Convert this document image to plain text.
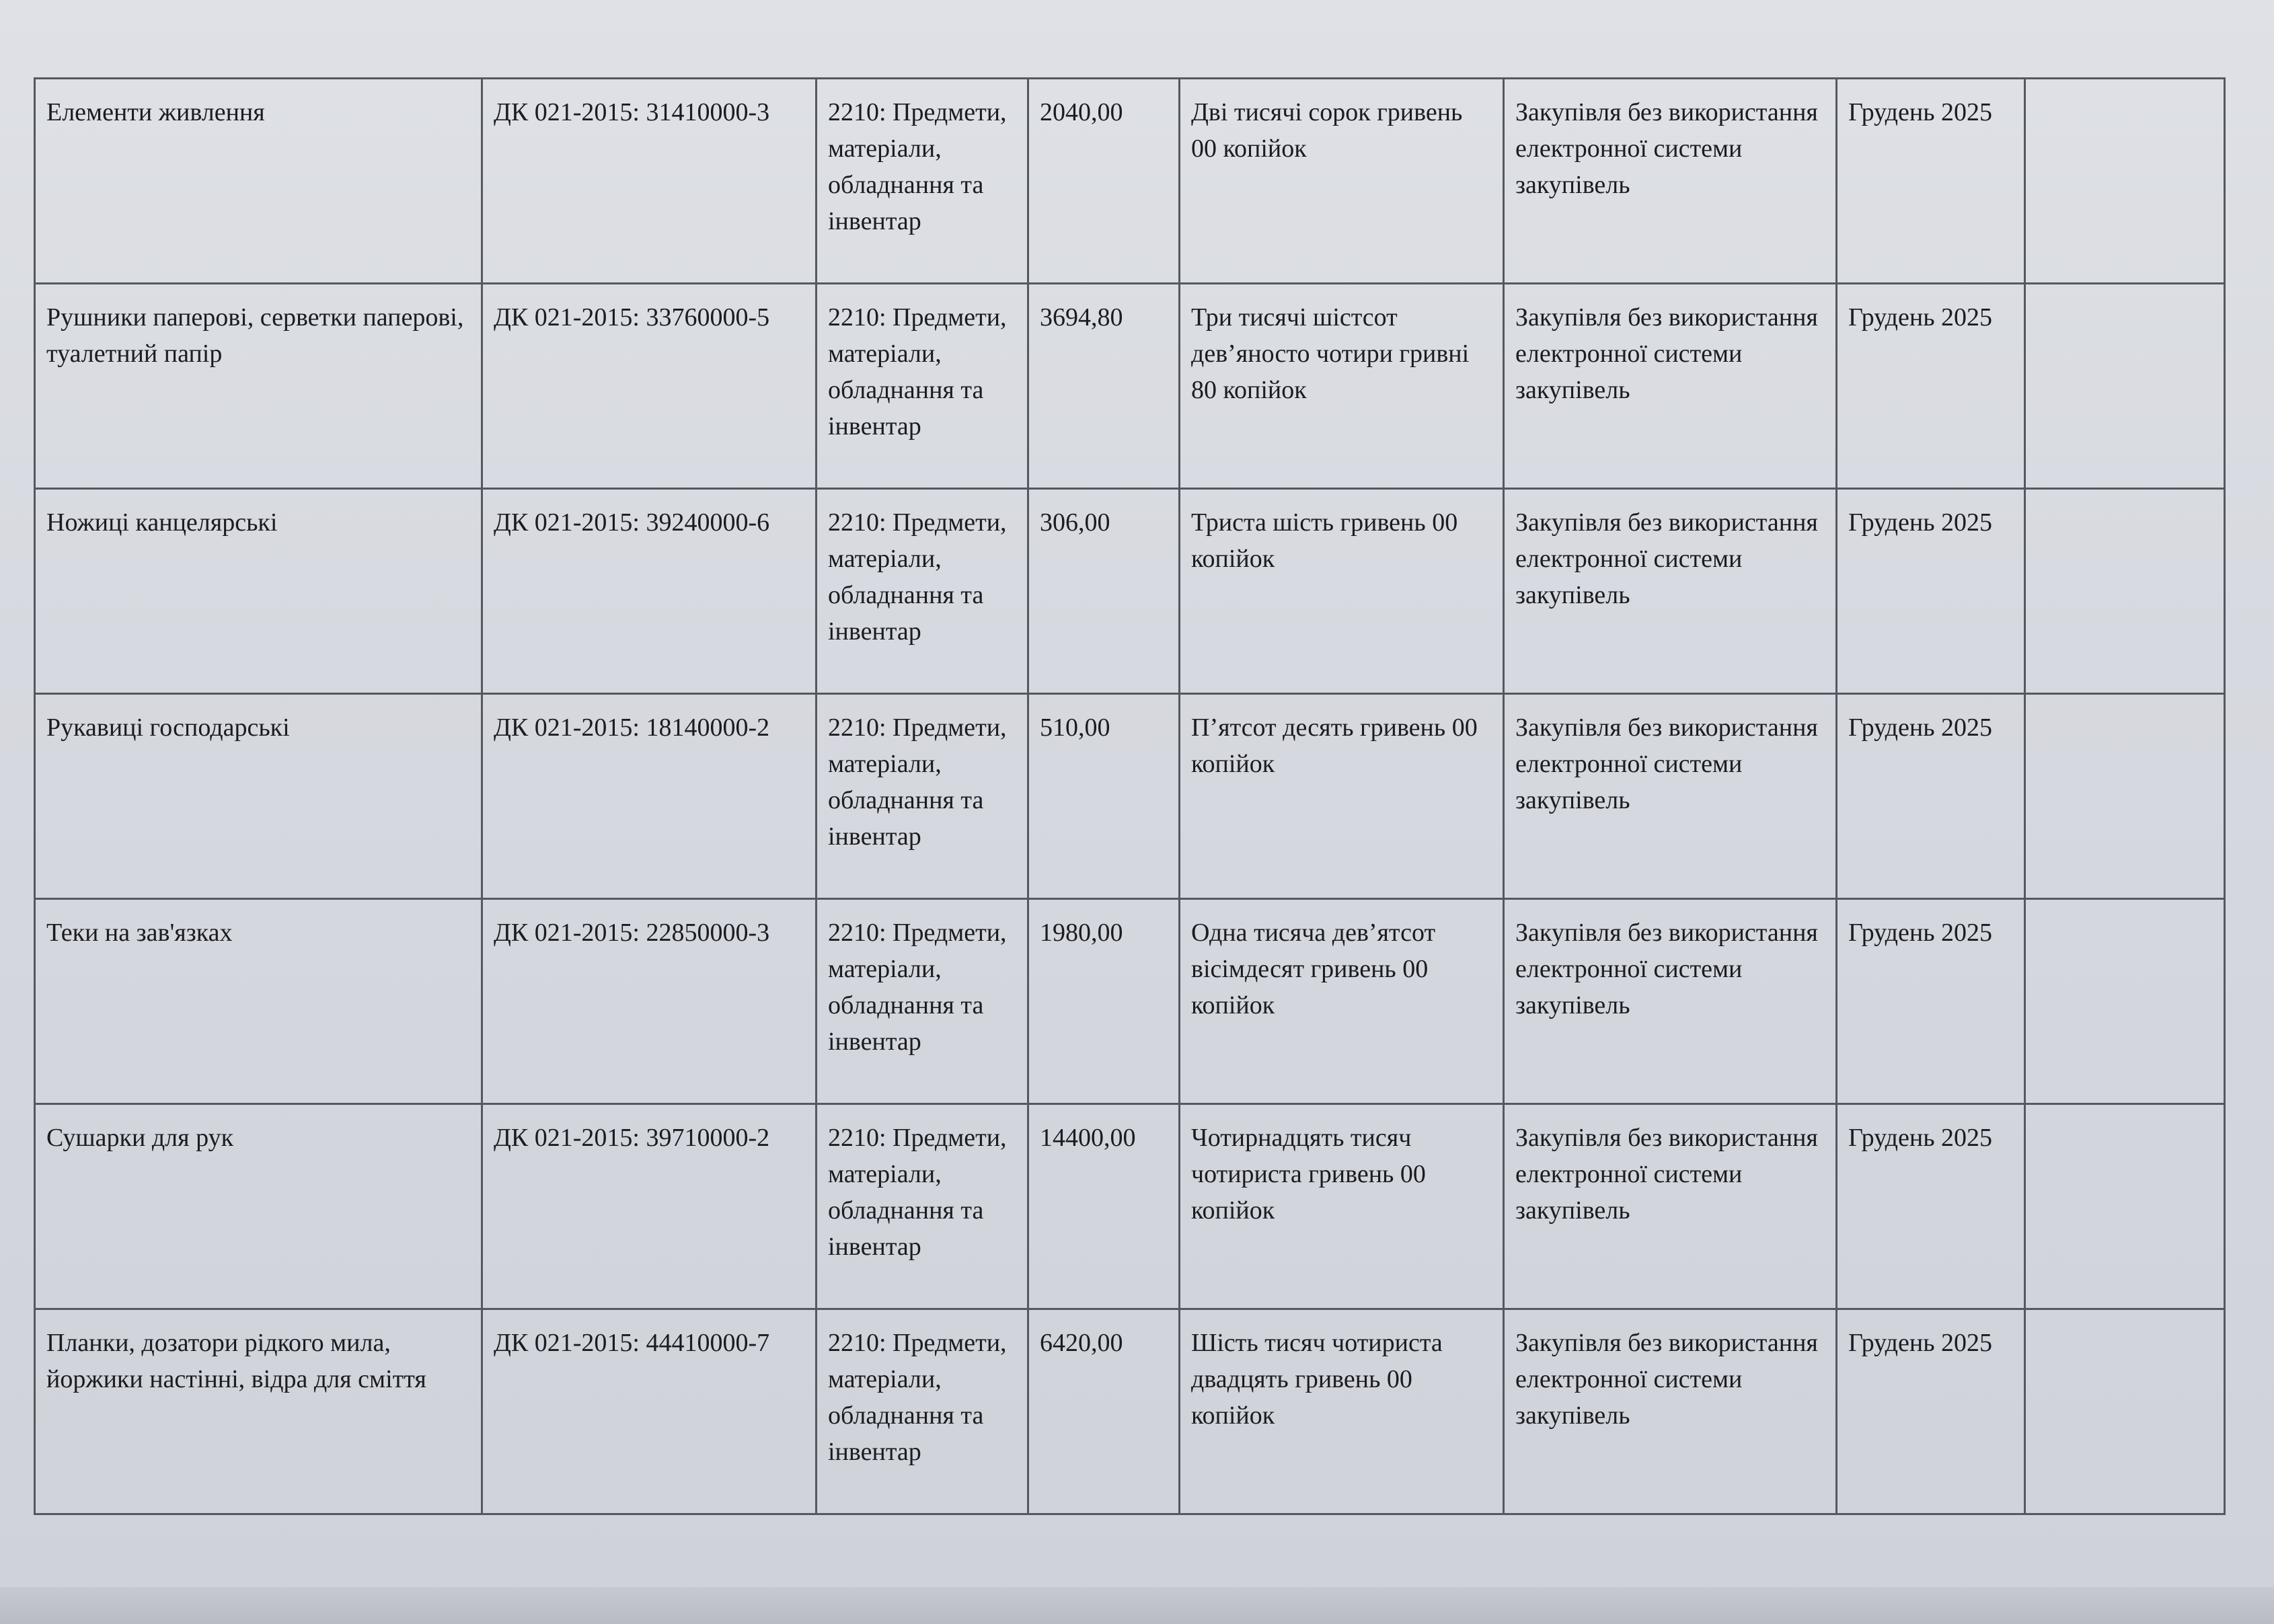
Елементи живлення	ДК 021-2015: 31410000-3	2210: Предмети, матеріали, обладнання та інвентар	2040,00	Дві тисячі сорок гривень 00 копійок	Закупівля без використання електронної системи закупівель	Грудень 2025	
Рушники паперові, серветки паперові, туалетний папір	ДК 021-2015: 33760000-5	2210: Предмети, матеріали, обладнання та інвентар	3694,80	Три тисячі шістсот дев’яносто чотири гривні 80 копійок	Закупівля без використання електронної системи закупівель	Грудень 2025	
Ножиці канцелярські	ДК 021-2015: 39240000-6	2210: Предмети, матеріали, обладнання та інвентар	306,00	Триста шість гривень 00 копійок	Закупівля без використання електронної системи закупівель	Грудень 2025	
Рукавиці господарські	ДК 021-2015: 18140000-2	2210: Предмети, матеріали, обладнання та інвентар	510,00	П’ятсот десять гривень 00 копійок	Закупівля без використання електронної системи закупівель	Грудень 2025	
Теки на зав'язках	ДК 021-2015: 22850000-3	2210: Предмети, матеріали, обладнання та інвентар	1980,00	Одна тисяча дев’ятсот вісімдесят гривень 00 копійок	Закупівля без використання електронної системи закупівель	Грудень 2025	
Сушарки для рук	ДК 021-2015: 39710000-2	2210: Предмети, матеріали, обладнання та інвентар	14400,00	Чотирнадцять тисяч чотириста гривень 00 копійок	Закупівля без використання електронної системи закупівель	Грудень 2025	
Планки, дозатори рідкого мила, йоржики настінні, відра для сміття	ДК 021-2015: 44410000-7	2210: Предмети, матеріали, обладнання та інвентар	6420,00	Шість тисяч чотириста двадцять гривень 00 копійок	Закупівля без використання електронної системи закупівель	Грудень 2025	
